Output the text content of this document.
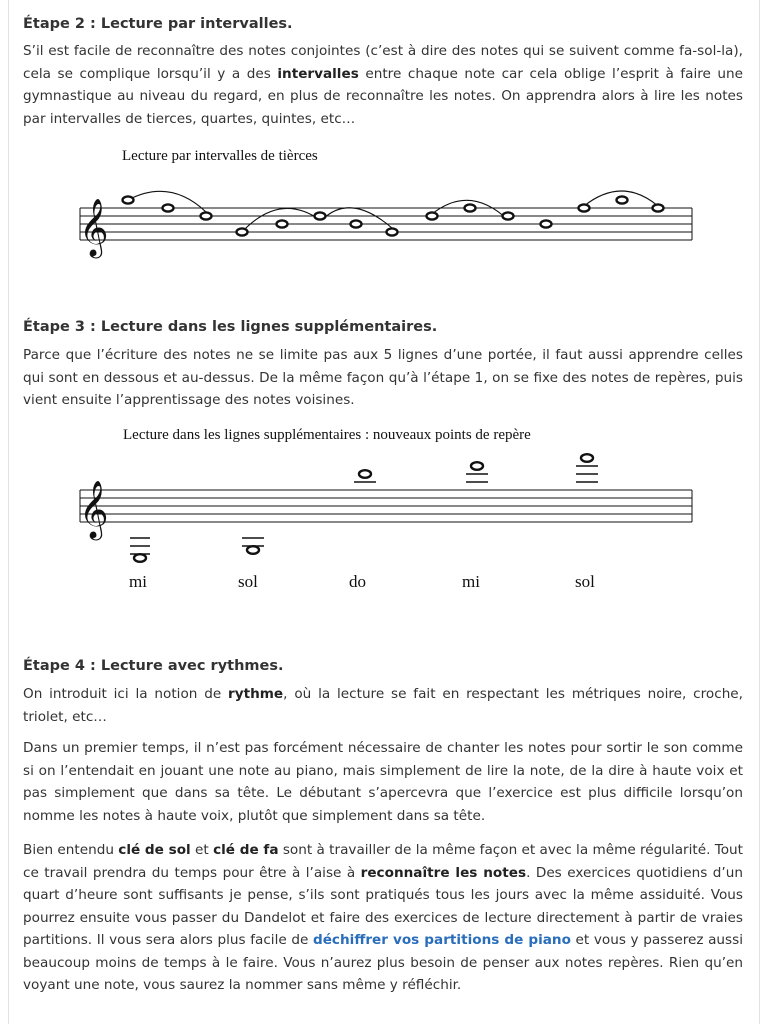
Étape 2 : Lecture par intervalles.

S’il est facile de reconnaître des notes conjointes (c’est à dire des notes qui se suivent comme fa-sol-la), cela se complique lorsqu’il y a des intervalles entre chaque note car cela oblige l’esprit à faire une gymnastique au niveau du regard, en plus de reconnaître les notes. On apprendra alors à lire les notes par intervalles de tierces, quartes, quintes, etc…

Lecture par intervalles de tièrces
𝄞
Étape 3 : Lecture dans les lignes supplémentaires.

Parce que l’écriture des notes ne se limite pas aux 5 lignes d’une portée, il faut aussi apprendre celles qui sont en dessous et au-dessus. De la même façon qu’à l’étape 1, on se fixe des notes de repères, puis vient ensuite l’apprentissage des notes voisines.

Lecture dans les lignes supplémentaires : nouveaux points de repère
𝄞
mi	sol	do	mi	sol
Étape 4 : Lecture avec rythmes.

On introduit ici la notion de rythme, où la lecture se fait en respectant les métriques noire, croche, triolet, etc…

Dans un premier temps, il n’est pas forcément nécessaire de chanter les notes pour sortir le son comme si on l’entendait en jouant une note au piano, mais simplement de lire la note, de la dire à haute voix et pas simplement que dans sa tête. Le débutant s’apercevra que l’exercice est plus difficile lorsqu’on nomme les notes à haute voix, plutôt que simplement dans sa tête.

Bien entendu clé de sol et clé de fa sont à travailler de la même façon et avec la même régularité. Tout ce travail prendra du temps pour être à l’aise à reconnaître les notes. Des exercices quotidiens d’un quart d’heure sont suffisants je pense, s’ils sont pratiqués tous les jours avec la même assiduité. Vous pourrez ensuite vous passer du Dandelot et faire des exercices de lecture directement à partir de vraies partitions. Il vous sera alors plus facile de déchiffrer vos partitions de piano et vous y passerez aussi beaucoup moins de temps à le faire. Vous n’aurez plus besoin de penser aux notes repères. Rien qu’en voyant une note, vous saurez la nommer sans même y réfléchir.
